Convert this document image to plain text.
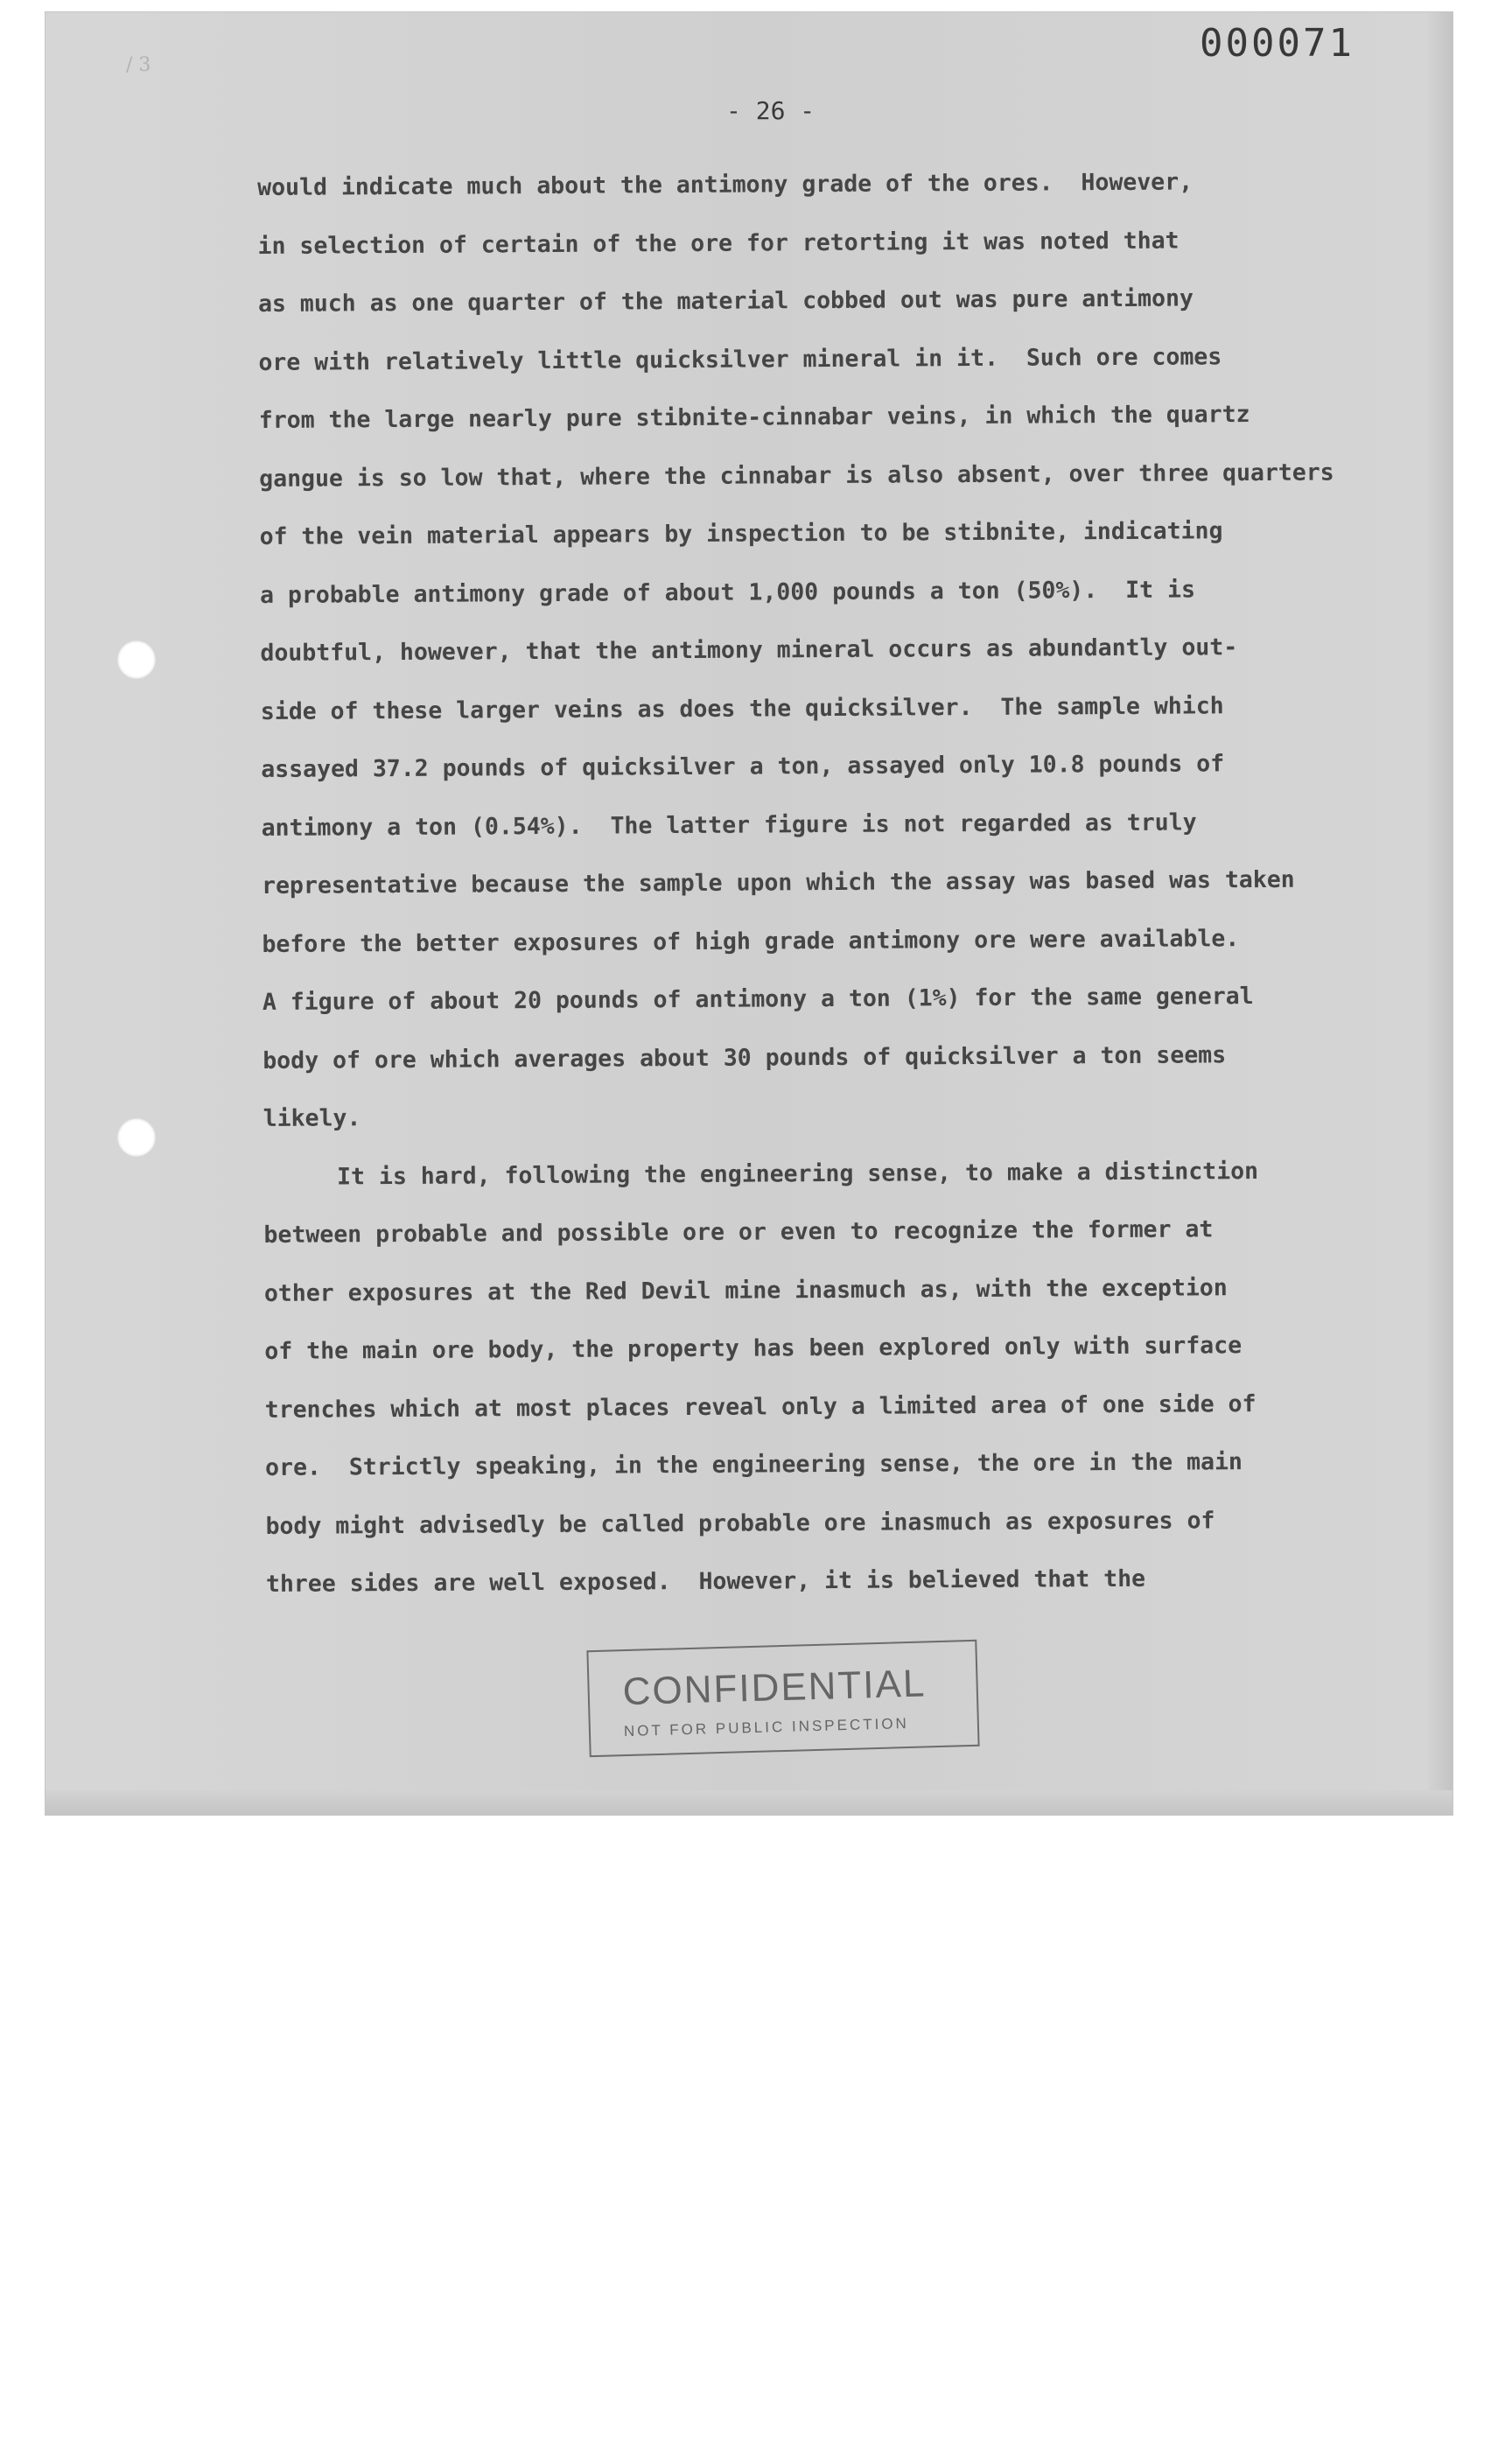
/ 3	000071
- 26 -
would indicate much about the antimony grade of the ores.  However,
in selection of certain of the ore for retorting it was noted that
as much as one quarter of the material cobbed out was pure antimony
ore with relatively little quicksilver mineral in it.  Such ore comes
from the large nearly pure stibnite-cinnabar veins, in which the quartz
gangue is so low that, where the cinnabar is also absent, over three quarters
of the vein material appears by inspection to be stibnite, indicating
a probable antimony grade of about 1,000 pounds a ton (50%).  It is
doubtful, however, that the antimony mineral occurs as abundantly out-
side of these larger veins as does the quicksilver.  The sample which
assayed 37.2 pounds of quicksilver a ton, assayed only 10.8 pounds of
antimony a ton (0.54%).  The latter figure is not regarded as truly
representative because the sample upon which the assay was based was taken
before the better exposures of high grade antimony ore were available.
A figure of about 20 pounds of antimony a ton (1%) for the same general
body of ore which averages about 30 pounds of quicksilver a ton seems
likely.
It is hard, following the engineering sense, to make a distinction
between probable and possible ore or even to recognize the former at
other exposures at the Red Devil mine inasmuch as, with the exception
of the main ore body, the property has been explored only with surface
trenches which at most places reveal only a limited area of one side of
ore.  Strictly speaking, in the engineering sense, the ore in the main
body might advisedly be called probable ore inasmuch as exposures of
three sides are well exposed.  However, it is believed that the
CONFIDENTIAL
NOT FOR PUBLIC INSPECTION
